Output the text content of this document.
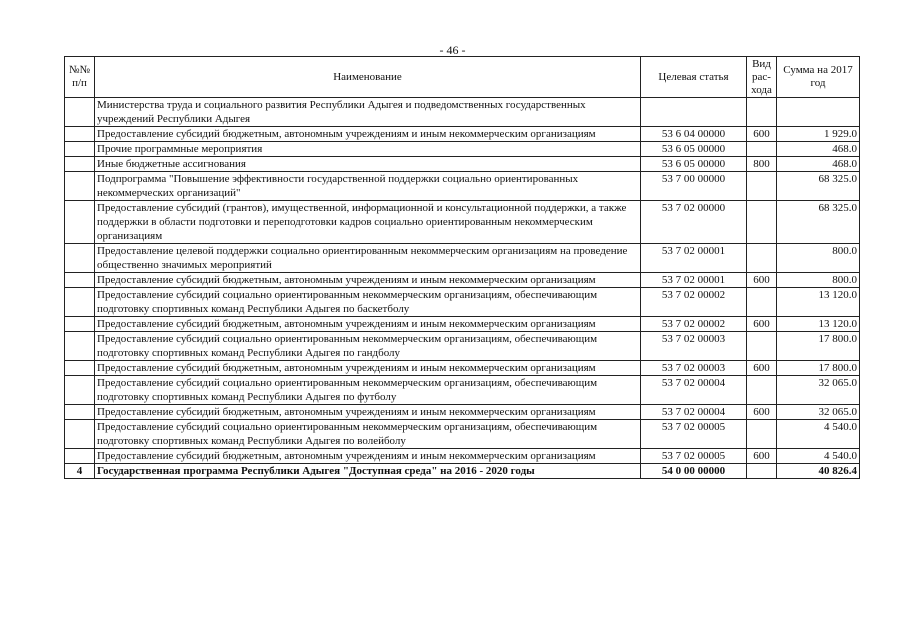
- 46 -
№№ п/п	Наименование	Целевая статья	Вид рас-хода	Сумма на 2017 год
	Министерства труда и социального развития Республики Адыгея и подведомственных государственных учреждений Республики Адыгея			
	Предоставление субсидий бюджетным, автономным учреждениям и иным некоммерческим организациям	53 6 04 00000	600	1 929.0
	Прочие программные мероприятия	53 6 05 00000		468.0
	Иные бюджетные ассигнования	53 6 05 00000	800	468.0
	Подпрограмма "Повышение эффективности государственной поддержки социально ориентированных некоммерческих организаций"	53 7 00 00000		68 325.0
	Предоставление субсидий (грантов), имущественной, информационной и консультационной поддержки, а также поддержки в области подготовки и переподготовки кадров социально ориентированным некоммерческим организациям	53 7 02 00000		68 325.0
	Предоставление целевой поддержки социально ориентированным некоммерческим организациям на проведение общественно значимых мероприятий	53 7 02 00001		800.0
	Предоставление субсидий бюджетным, автономным учреждениям и иным некоммерческим организациям	53 7 02 00001	600	800.0
	Предоставление субсидий социально ориентированным некоммерческим организациям, обеспечивающим подготовку спортивных команд Республики Адыгея по баскетболу	53 7 02 00002		13 120.0
	Предоставление субсидий бюджетным, автономным учреждениям и иным некоммерческим организациям	53 7 02 00002	600	13 120.0
	Предоставление субсидий социально ориентированным некоммерческим организациям, обеспечивающим подготовку спортивных команд Республики Адыгея по гандболу	53 7 02 00003		17 800.0
	Предоставление субсидий бюджетным, автономным учреждениям и иным некоммерческим организациям	53 7 02 00003	600	17 800.0
	Предоставление субсидий социально ориентированным некоммерческим организациям, обеспечивающим подготовку спортивных команд Республики Адыгея по футболу	53 7 02 00004		32 065.0
	Предоставление субсидий бюджетным, автономным учреждениям и иным некоммерческим организациям	53 7 02 00004	600	32 065.0
	Предоставление субсидий социально ориентированным некоммерческим организациям, обеспечивающим подготовку спортивных команд Республики Адыгея по волейболу	53 7 02 00005		4 540.0
	Предоставление субсидий бюджетным, автономным учреждениям и иным некоммерческим организациям	53 7 02 00005	600	4 540.0
4	Государственная программа Республики Адыгея "Доступная среда" на 2016 - 2020 годы	54 0 00 00000		40 826.4
